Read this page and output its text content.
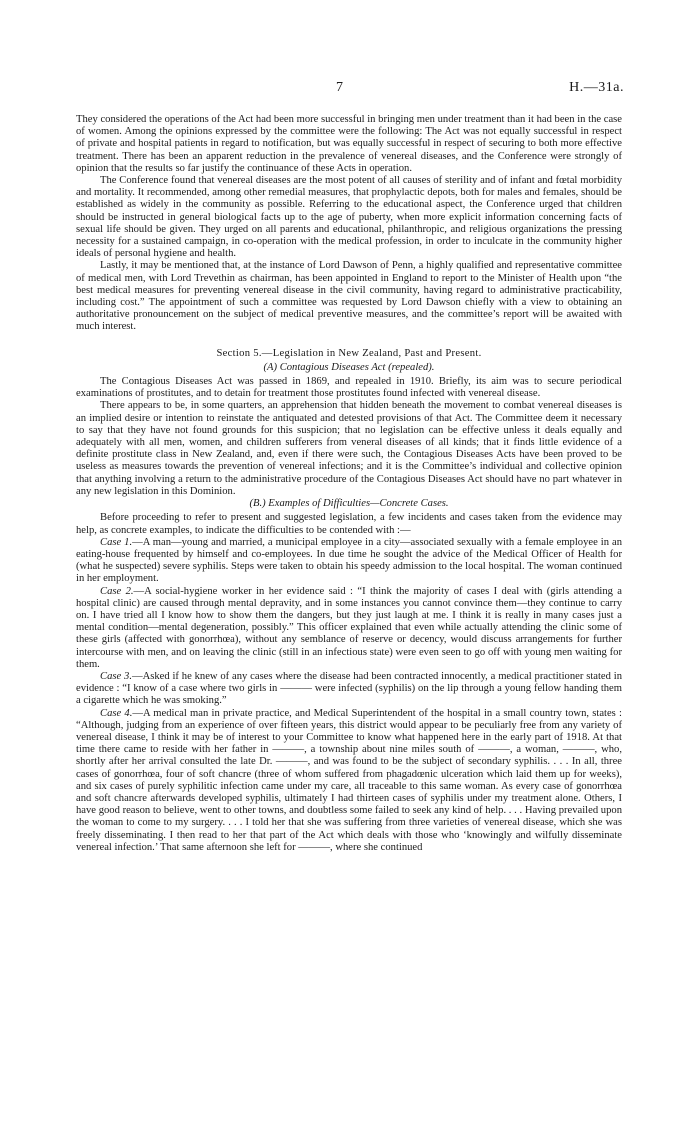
7	H.—31a.

They considered the operations of the Act had been more successful in bringing men under treatment than it had been in the case of women. Among the opinions expressed by the committee were the following: The Act was not equally successful in respect of private and hospital patients in regard to notification, but was equally successful in respect of securing to both more effective treatment. There has been an apparent reduction in the prevalence of venereal diseases, and the Conference were strongly of opinion that the results so far justify the continuance of these Acts in operation.

The Conference found that venereal diseases are the most potent of all causes of sterility and of infant and fœtal morbidity and mortality. It recommended, among other remedial measures, that prophylactic depots, both for males and females, should be established as widely in the community as possible. Referring to the educational aspect, the Conference urged that children should be instructed in general biological facts up to the age of puberty, when more explicit information concerning facts of sexual life should be given. They urged on all parents and educational, philanthropic, and religious organizations the pressing necessity for a sustained campaign, in co-operation with the medical profession, in order to inculcate in the community higher ideals of personal hygiene and health.

Lastly, it may be mentioned that, at the instance of Lord Dawson of Penn, a highly qualified and representative committee of medical men, with Lord Trevethin as chairman, has been appointed in England to report to the Minister of Health upon “the best medical measures for preventing venereal disease in the civil community, having regard to administrative practicability, including cost.” The appointment of such a committee was requested by Lord Dawson chiefly with a view to obtaining an authoritative pronouncement on the subject of medical preventive measures, and the committee’s report will be awaited with much interest.

Section 5.—Legislation in New Zealand, Past and Present.
(A) Contagious Diseases Act (repealed).

The Contagious Diseases Act was passed in 1869, and repealed in 1910. Briefly, its aim was to secure periodical examinations of prostitutes, and to detain for treatment those prostitutes found infected with venereal disease.

There appears to be, in some quarters, an apprehension that hidden beneath the movement to combat venereal diseases is an implied desire or intention to reinstate the antiquated and detested provisions of that Act. The Committee deem it necessary to say that they have not found grounds for this suspicion; that no legislation can be effective unless it deals equally and adequately with all men, women, and children sufferers from veneral diseases of all kinds; that it finds little evidence of a definite prostitute class in New Zealand, and, even if there were such, the Contagious Diseases Acts have been proved to be useless as measures towards the prevention of venereal infections; and it is the Committee’s individual and collective opinion that anything involving a return to the administrative procedure of the Contagious Diseases Act should have no part whatever in any new legislation in this Dominion.

(B.) Examples of Difficulties—Concrete Cases.

Before proceeding to refer to present and suggested legislation, a few incidents and cases taken from the evidence may help, as concrete examples, to indicate the difficulties to be contended with :—

Case 1.—A man—young and married, a municipal employee in a city—associated sexually with a female employee in an eating-house frequented by himself and co-employees. In due time he sought the advice of the Medical Officer of Health for (what he suspected) severe syphilis. Steps were taken to obtain his speedy admission to the local hospital. The woman continued in her employment.

Case 2.—A social-hygiene worker in her evidence said : “I think the majority of cases I deal with (girls attending a hospital clinic) are caused through mental depravity, and in some instances you cannot convince them—they continue to carry on. I have tried all I know how to show them the dangers, but they just laugh at me. I think it is really in many cases just a mental condition—mental degeneration, possibly.” This officer explained that even while actually attending the clinic some of these girls (affected with gonorrhœa), without any semblance of reserve or decency, would discuss arrangements for further intercourse with men, and on leaving the clinic (still in an infectious state) were even seen to go off with young men waiting for them.

Case 3.—Asked if he knew of any cases where the disease had been contracted innocently, a medical practitioner stated in evidence : “I know of a case where two girls in ——— were infected (syphilis) on the lip through a young fellow handing them a cigarette which he was smoking.”

Case 4.—A medical man in private practice, and Medical Superintendent of the hospital in a small country town, states : “Although, judging from an experience of over fifteen years, this district would appear to be peculiarly free from any variety of venereal disease, I think it may be of interest to your Committee to know what happened here in the early part of 1918. At that time there came to reside with her father in ———, a township about nine miles south of ———, a woman, ———, who, shortly after her arrival consulted the late Dr. ———, and was found to be the subject of secondary syphilis. . . . In all, three cases of gonorrhœa, four of soft chancre (three of whom suffered from phagadœnic ulceration which laid them up for weeks), and six cases of purely syphilitic infection came under my care, all traceable to this same woman. As every case of gonorrhœa and soft chancre afterwards developed syphilis, ultimately I had thirteen cases of syphilis under my treatment alone. Others, I have good reason to believe, went to other towns, and doubtless some failed to seek any kind of help. . . . Having prevailed upon the woman to come to my surgery. . . . I told her that she was suffering from three varieties of venereal disease, which she was freely disseminating. I then read to her that part of the Act which deals with those who ‘knowingly and wilfully disseminate venereal infection.’ That same afternoon she left for ———, where she continued
